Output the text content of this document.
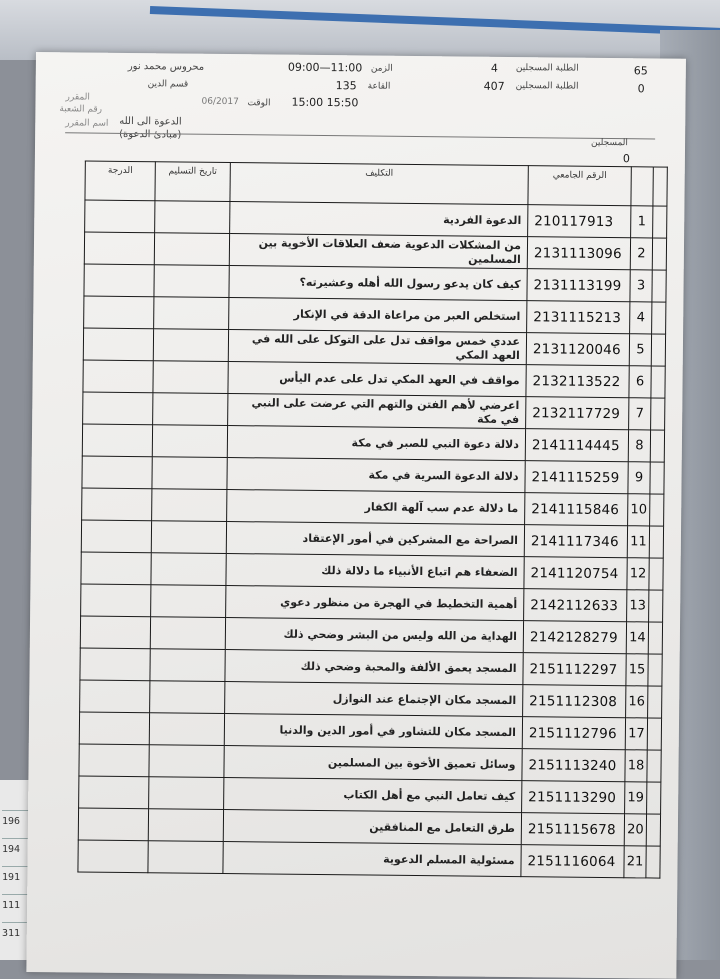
196
194
191
111
311
65
0
الطلبة المسجلين
4
الطلبة المسجلين
407
الزمن
09:00—11:00
القاعة
135
الوقت 15:00 15:50
محروس محمد نور
قسم الدين
06/2017
المقرر
رقم الشعبة
اسم المقرر الدعوة الى الله
(مبادئ الدعوة)
المسجلين
0
الدرجة	تاريخ التسليم	التكليف	الرقم الجامعي		

		الدعوة الفردية	210117913	1	

		من المشكلات الدعوية ضعف العلاقات الأخوية بين المسلمين	2131113096	2	

		كيف كان يدعو رسول الله أهله وعشيرته؟	2131113199	3	

		استخلص العبر من مراعاة الدقة في الإنكار	2131115213	4	

		عددي خمس مواقف تدل على التوكل على الله في العهد المكي	2131120046	5	

		مواقف في العهد المكي تدل على عدم اليأس	2132113522	6	

		اعرضي لأهم الفتن والتهم التي عرضت على النبي في مكة	2132117729	7	

		دلالة دعوة النبي للصبر في مكة	2141114445	8	

		دلالة الدعوة السرية في مكة	2141115259	9	

		ما دلالة عدم سب آلهة الكفار	2141115846	10	

		الصراحة مع المشركين في أمور الإعتقاد	2141117346	11	

		الضعفاء هم اتباع الأنبياء ما دلالة ذلك	2141120754	12	

		أهمية التخطيط في الهجرة من منظور دعوي	2142112633	13	

		الهداية من الله وليس من البشر وضحي ذلك	2142128279	14	

		المسجد يعمق الألفة والمحبة وضحي ذلك	2151112297	15	

		المسجد مكان الإجتماع عند النوازل	2151112308	16	

		المسجد مكان للتشاور في أمور الدين والدنيا	2151112796	17	

		وسائل تعميق الأخوة بين المسلمين	2151113240	18	

		كيف تعامل النبي مع أهل الكتاب	2151113290	19	

		طرق التعامل مع المنافقين	2151115678	20	

		مسئولية المسلم الدعوية	2151116064	21	
